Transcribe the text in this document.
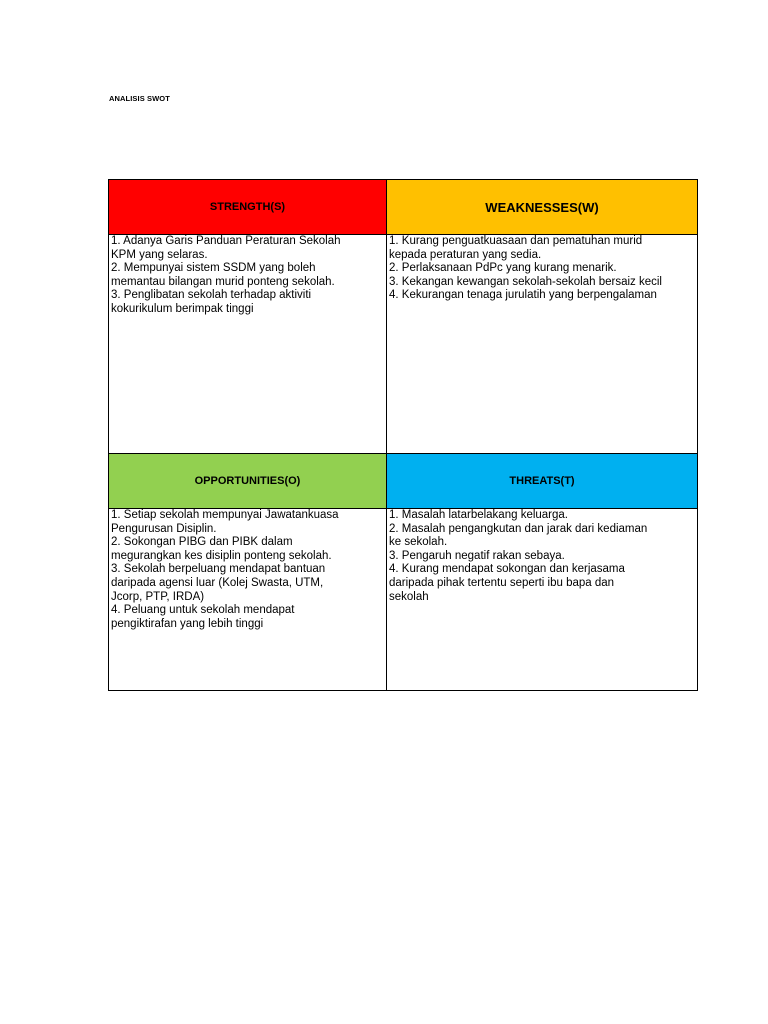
ANALISIS SWOT
STRENGTH(S)	WEAKNESSES(W)

1. Adanya Garis Panduan Peraturan Sekolah

KPM yang selaras.

2. Mempunyai sistem SSDM yang boleh

memantau bilangan murid ponteng sekolah.

3. Penglibatan sekolah terhadap aktiviti

kokurikulum berimpak tinggi

1. Kurang penguatkuasaan dan pematuhan murid

kepada peraturan yang sedia.

2. Perlaksanaan PdPc yang kurang menarik.

3. Kekangan kewangan sekolah-sekolah bersaiz kecil

4. Kekurangan tenaga jurulatih yang berpengalaman

OPPORTUNITIES(O)	THREATS(T)

1. Setiap sekolah mempunyai Jawatankuasa

Pengurusan Disiplin.

2. Sokongan PIBG dan PIBK dalam

megurangkan kes disiplin ponteng sekolah.

3. Sekolah berpeluang mendapat bantuan

daripada agensi luar (Kolej Swasta, UTM,

Jcorp, PTP, IRDA)

4. Peluang untuk sekolah mendapat

pengiktirafan yang lebih tinggi

1. Masalah latarbelakang keluarga.

2. Masalah pengangkutan dan jarak dari kediaman

ke sekolah.

3. Pengaruh negatif rakan sebaya.

4. Kurang mendapat sokongan dan kerjasama

daripada pihak tertentu seperti ibu bapa dan

sekolah
